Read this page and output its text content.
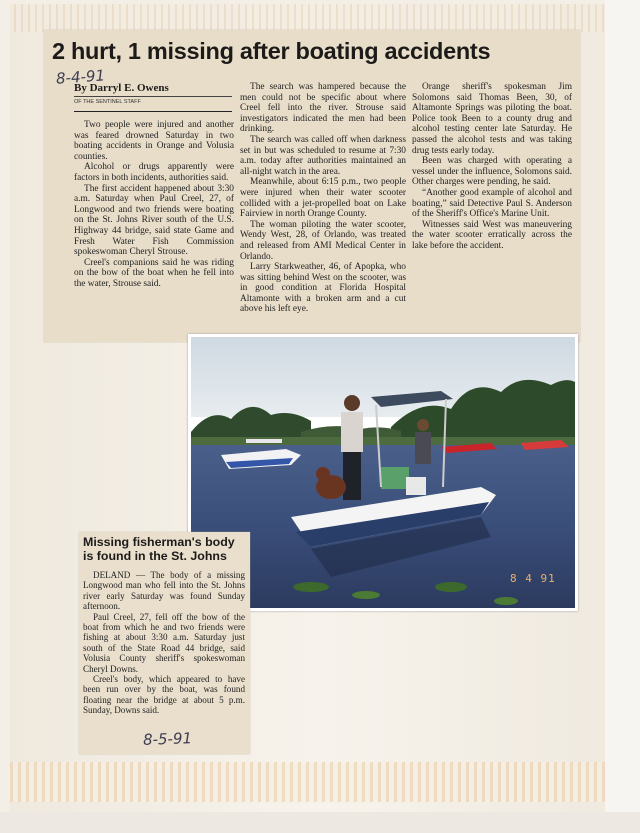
2 hurt, 1 missing after boating accidents
8-4-91
By Darryl E. Owens
OF THE SENTINEL STAFF

Two people were injured and another was feared drowned Saturday in two boating accidents in Orange and Volusia counties.

Alcohol or drugs apparently were factors in both incidents, authorities said.

The first accident happened about 3:30 a.m. Saturday when Paul Creel, 27, of Longwood and two friends were boating on the St. Johns River south of the U.S. Highway 44 bridge, said state Game and Fresh Water Fish Commission spokeswoman Cheryl Strouse.

Creel's companions said he was riding on the bow of the boat when he fell into the water, Strouse said.

The search was hampered because the men could not be specific about where Creel fell into the river. Strouse said investigators indicated the men had been drinking.

The search was called off when darkness set in but was scheduled to resume at 7:30 a.m. today after authorities maintained an all-night watch in the area.

Meanwhile, about 6:15 p.m., two people were injured when their water scooter collided with a jet-propelled boat on Lake Fairview in north Orange County.

The woman piloting the water scooter, Wendy West, 28, of Orlando, was treated and released from AMI Medical Center in Orlando.

Larry Starkweather, 46, of Apopka, who was sitting behind West on the scooter, was in good condition at Florida Hospital Altamonte with a broken arm and a cut above his left eye.

Orange sheriff's spokesman Jim Solomons said Thomas Been, 30, of Altamonte Springs was piloting the boat. Police took Been to a county drug and alcohol testing center late Saturday. He passed the alcohol tests and was taking drug tests early today.

Been was charged with operating a vessel under the influence, Solomons said. Other charges were pending, he said.

“Another good example of alcohol and boating,” said Detective Paul S. Anderson of the Sheriff's Office's Marine Unit.

Witnesses said West was maneuvering the water scooter erratically across the lake before the accident.

8 4 91
Missing fisherman's body is found in the St. Johns

DELAND — The body of a missing Longwood man who fell into the St. Johns river early Saturday was found Sunday afternoon.

Paul Creel, 27, fell off the bow of the boat from which he and two friends were fishing at about 3:30 a.m. Saturday just south of the State Road 44 bridge, said Volusia County sheriff's spokeswoman Cheryl Downs.

Creel's body, which appeared to have been run over by the boat, was found floating near the bridge at about 5 p.m. Sunday, Downs said.

8-5-91
